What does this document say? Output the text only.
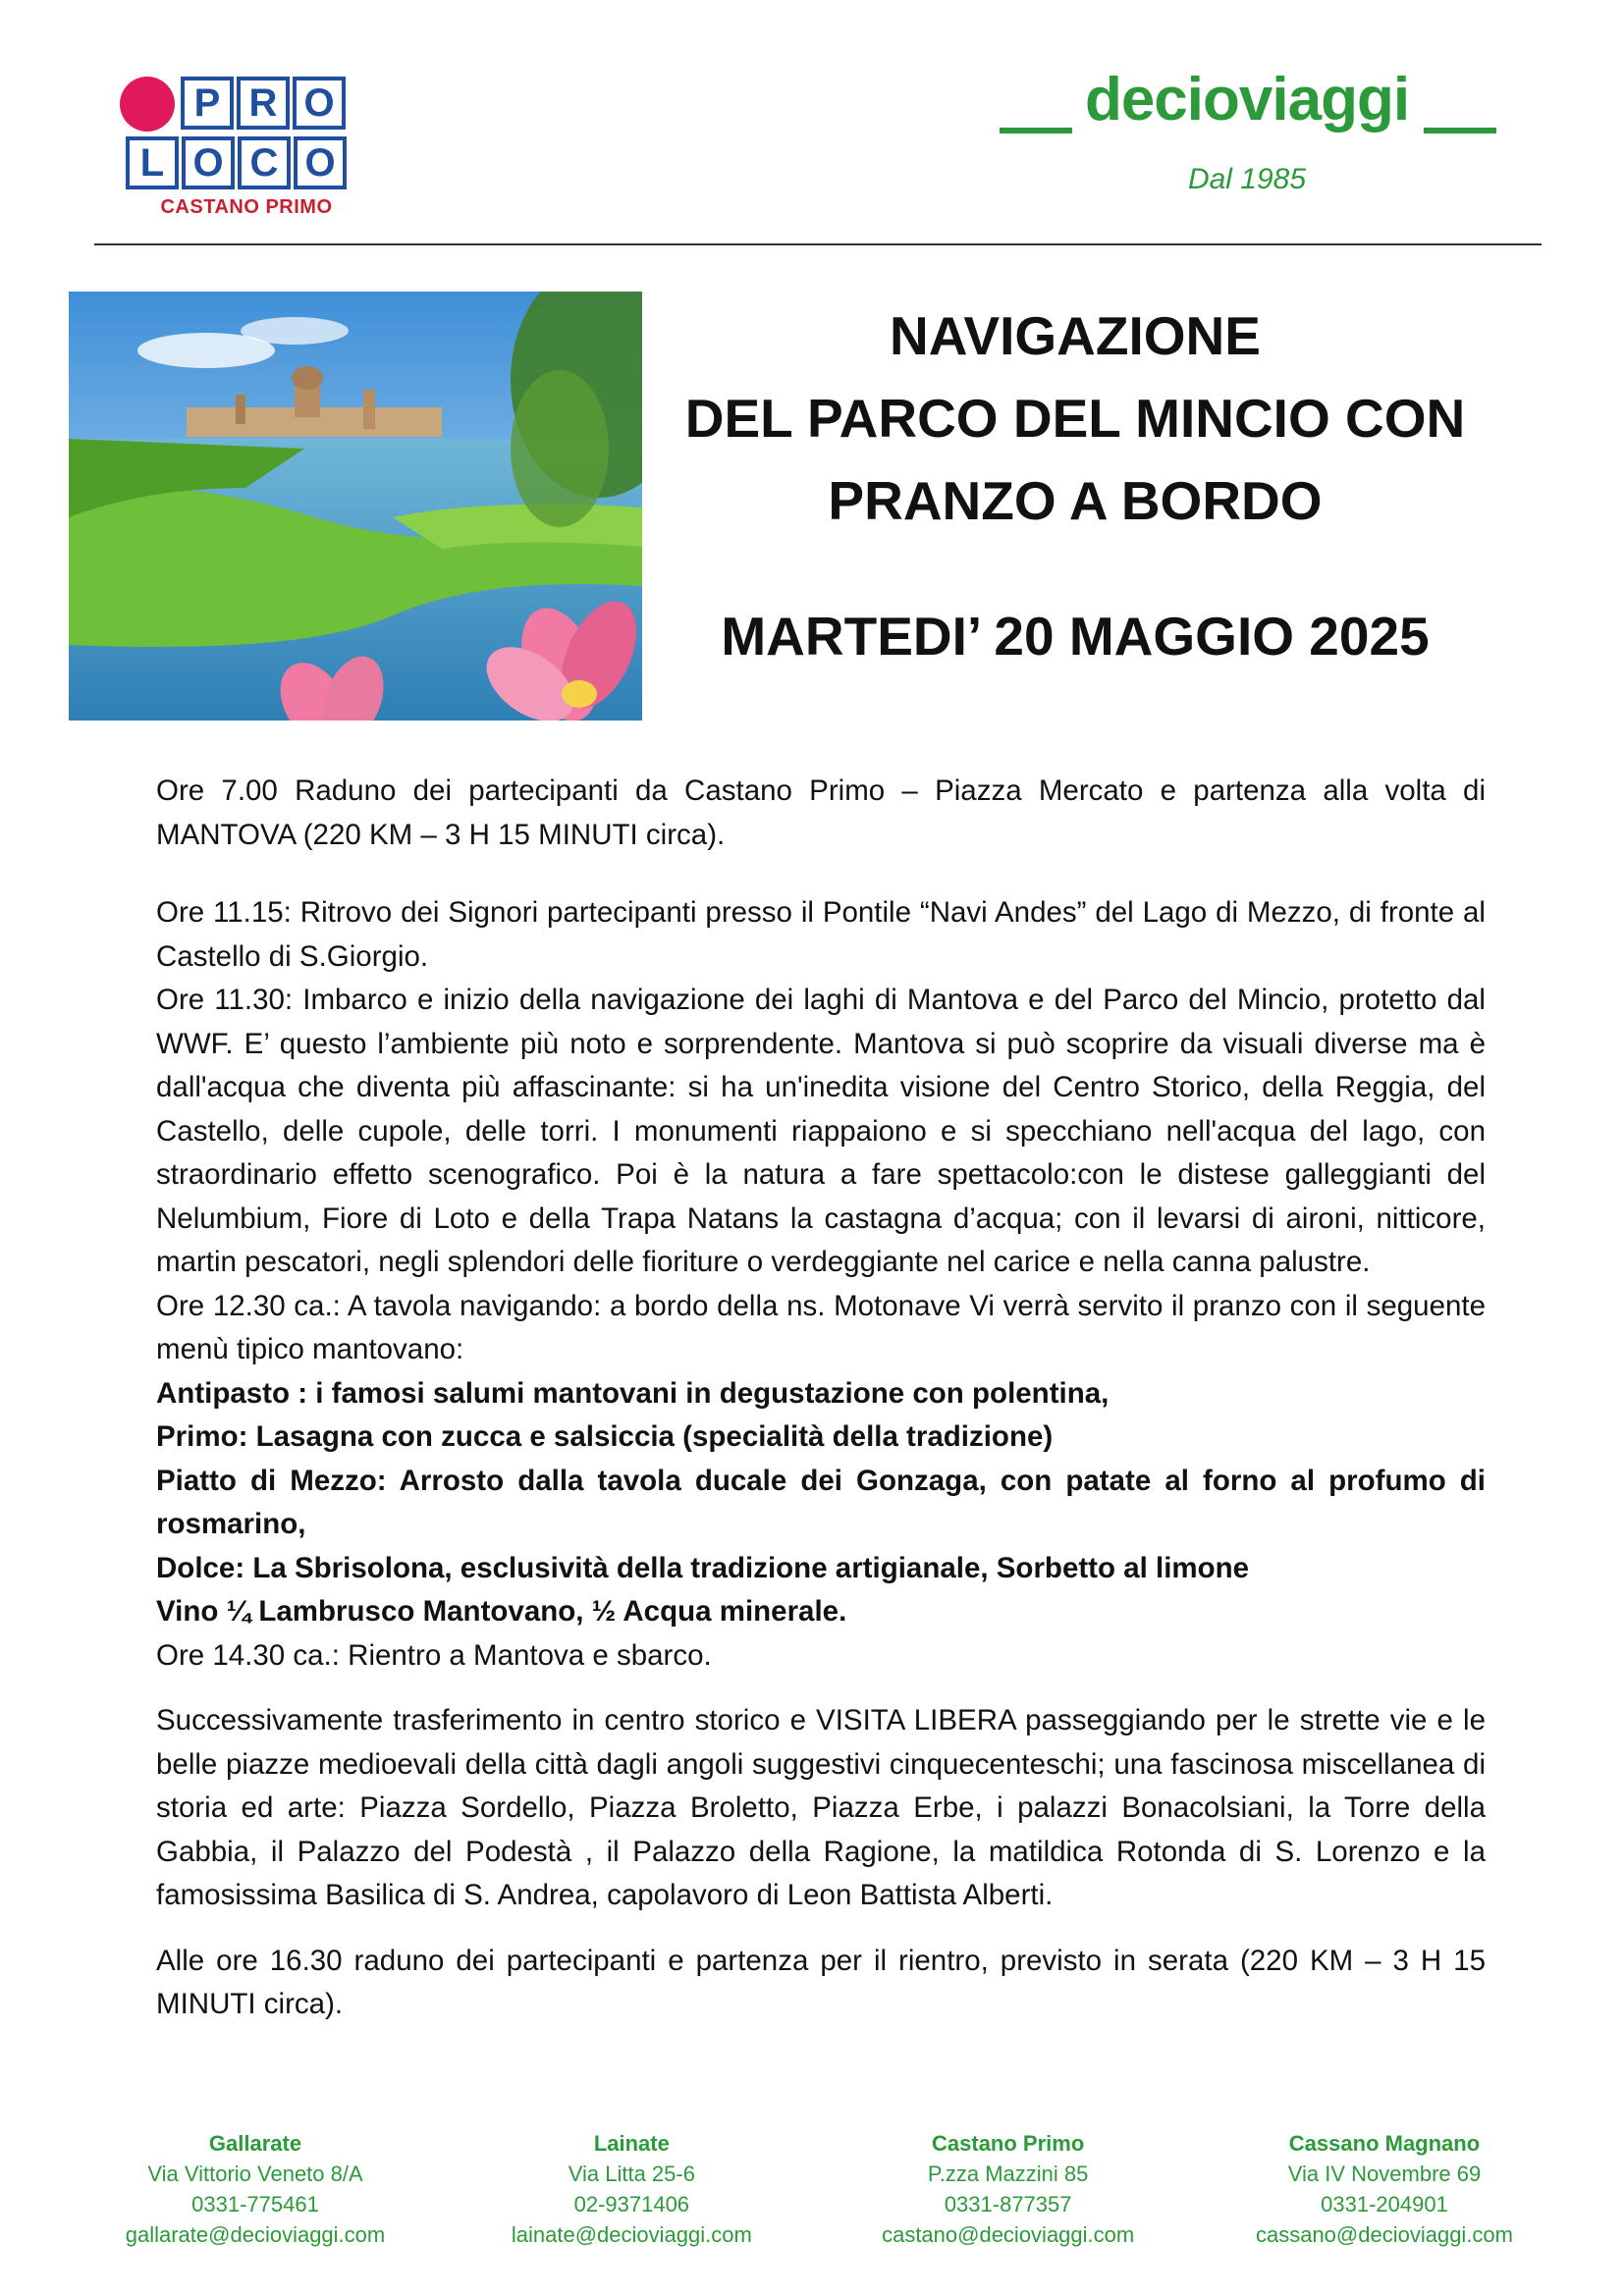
P R O
L O C O
CASTANO PRIMO
decioviaggi
Dal 1985
NAVIGAZIONE
DEL PARCO DEL MINCIO CON
PRANZO A BORDO
MARTEDI’ 20 MAGGIO 2025

Ore 7.00 Raduno dei partecipanti da Castano Primo – Piazza Mercato e partenza alla volta di MANTOVA (220 KM – 3 H 15 MINUTI circa).

Ore 11.15: Ritrovo dei Signori partecipanti presso il Pontile “Navi Andes” del Lago di Mezzo, di fronte al Castello di S.Giorgio.

Ore 11.30: Imbarco e inizio della navigazione dei laghi di Mantova e del Parco del Mincio, protetto dal WWF. E’ questo l’ambiente più noto e sorprendente. Mantova si può scoprire da visuali diverse ma è dall'acqua che diventa più affascinante: si ha un'inedita visione del Centro Storico, della Reggia, del Castello, delle cupole, delle torri. I monumenti riappaiono e si specchiano nell'acqua del lago, con straordinario effetto scenografico. Poi è la natura a fare spettacolo:con le distese galleggianti del Nelumbium, Fiore di Loto e della Trapa Natans la castagna d’acqua; con il levarsi di aironi, nitticore, martin pescatori, negli splendori delle fioriture o verdeggiante nel carice e nella canna palustre.

Ore 12.30 ca.: A tavola navigando: a bordo della ns. Motonave Vi verrà servito il pranzo con il seguente menù tipico mantovano:

Antipasto : i famosi salumi mantovani in degustazione con polentina,

Primo: Lasagna con zucca e salsiccia (specialità della tradizione)

Piatto di Mezzo: Arrosto dalla tavola ducale dei Gonzaga, con patate al forno al profumo di rosmarino,

Dolce: La Sbrisolona, esclusività della tradizione artigianale, Sorbetto al limone

Vino ¼ Lambrusco Mantovano, ½ Acqua minerale.

Ore 14.30 ca.: Rientro a Mantova e sbarco.

Successivamente trasferimento in centro storico e VISITA LIBERA passeggiando per le strette vie e le belle piazze medioevali della città dagli angoli suggestivi cinquecenteschi; una fascinosa miscellanea di storia ed arte: Piazza Sordello, Piazza Broletto, Piazza Erbe, i palazzi Bonacolsiani, la Torre della Gabbia, il Palazzo del Podestà , il Palazzo della Ragione, la matildica Rotonda di S. Lorenzo e la famosissima Basilica di S. Andrea, capolavoro di Leon Battista Alberti.

Alle ore 16.30 raduno dei partecipanti e partenza per il rientro, previsto in serata (220 KM – 3 H 15 MINUTI circa).

Gallarate
Via Vittorio Veneto 8/A
0331-775461
gallarate@decioviaggi.com
Lainate
Via Litta 25-6
02-9371406
lainate@decioviaggi.com
Castano Primo
P.zza Mazzini 85
0331-877357
castano@decioviaggi.com
Cassano Magnano
Via IV Novembre 69
0331-204901
cassano@decioviaggi.com
